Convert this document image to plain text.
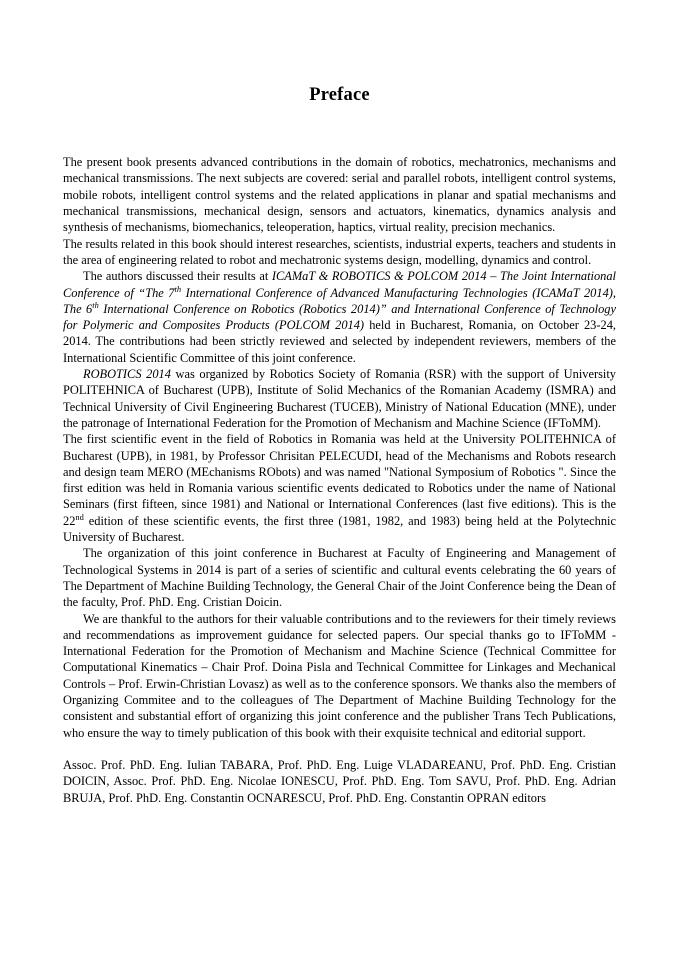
Preface

The present book presents advanced contributions in the domain of robotics, mechatronics, mechanisms and mechanical transmissions. The next subjects are covered: serial and parallel robots, intelligent control systems, mobile robots, intelligent control systems and the related applications in planar and spatial mechanisms and mechanical transmissions, mechanical design, sensors and actuators, kinematics, dynamics analysis and synthesis of mechanisms, biomechanics, teleoperation, haptics, virtual reality, precision mechanics.

The results related in this book should interest researches, scientists, industrial experts, teachers and students in the area of engineering related to robot and mechatronic systems design, modelling, dynamics and control.

The authors discussed their results at ICAMaT & ROBOTICS & POLCOM 2014 – The Joint International Conference of “The 7th International Conference of Advanced Manufacturing Technologies (ICAMaT 2014), The 6th International Conference on Robotics (Robotics 2014)” and International Conference of Technology for Polymeric and Composites Products (POLCOM 2014) held in Bucharest, Romania, on October 23-24, 2014. The contributions had been strictly reviewed and selected by independent reviewers, members of the International Scientific Committee of this joint conference.

ROBOTICS 2014 was organized by Robotics Society of Romania (RSR) with the support of University POLITEHNICA of Bucharest (UPB), Institute of Solid Mechanics of the Romanian Academy (ISMRA) and Technical University of Civil Engineering Bucharest (TUCEB), Ministry of National Education (MNE), under the patronage of International Federation for the Promotion of Mechanism and Machine Science (IFToMM).

The first scientific event in the field of Robotics in Romania was held at the University POLITEHNICA of Bucharest (UPB), in 1981, by Professor Chrisitan PELECUDI, head of the Mechanisms and Robots research and design team MERO (MEchanisms RObots) and was named "National Symposium of Robotics ". Since the first edition was held in Romania various scientific events dedicated to Robotics under the name of National Seminars (first fifteen, since 1981) and National or International Conferences (last five editions). This is the 22nd edition of these scientific events, the first three (1981, 1982, and 1983) being held at the Polytechnic University of Bucharest.

The organization of this joint conference in Bucharest at Faculty of Engineering and Management of Technological Systems in 2014 is part of a series of scientific and cultural events celebrating the 60 years of The Department of Machine Building Technology, the General Chair of the Joint Conference being the Dean of the faculty, Prof. PhD. Eng. Cristian Doicin.

We are thankful to the authors for their valuable contributions and to the reviewers for their timely reviews and recommendations as improvement guidance for selected papers. Our special thanks go to IFToMM - International Federation for the Promotion of Mechanism and Machine Science (Technical Committee for Computational Kinematics – Chair Prof. Doina Pisla and Technical Committee for Linkages and Mechanical Controls – Prof. Erwin-Christian Lovasz) as well as to the conference sponsors. We thanks also the members of Organizing Commitee and to the colleagues of The Department of Machine Building Technology for the consistent and substantial effort of organizing this joint conference and the publisher Trans Tech Publications, who ensure the way to timely publication of this book with their exquisite technical and editorial support.

Assoc. Prof. PhD. Eng. Iulian TABARA, Prof. PhD. Eng. Luige VLADAREANU, Prof. PhD. Eng. Cristian DOICIN, Assoc. Prof. PhD. Eng. Nicolae IONESCU, Prof. PhD. Eng. Tom SAVU, Prof. PhD. Eng. Adrian BRUJA, Prof. PhD. Eng. Constantin OCNARESCU, Prof. PhD. Eng. Constantin OPRAN editors
